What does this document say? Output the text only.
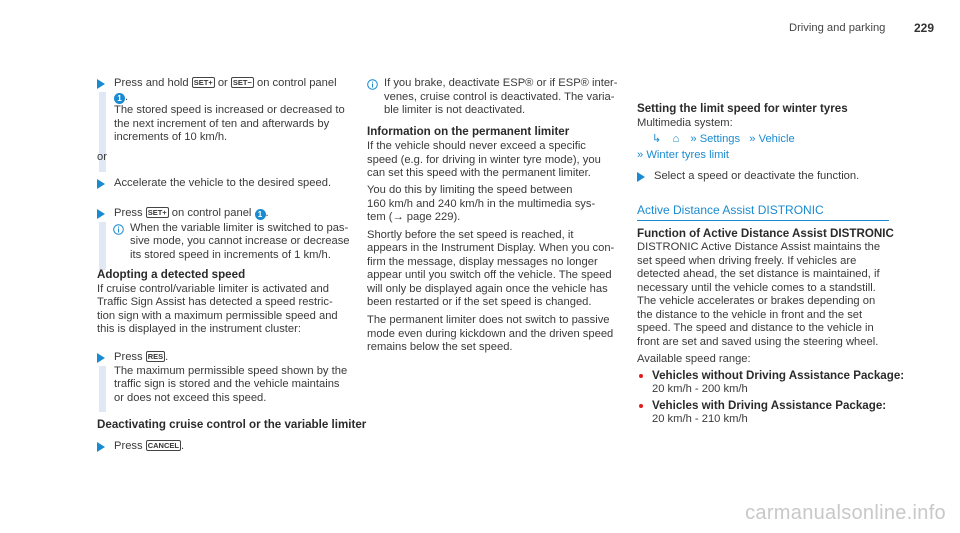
Driving and parking 229

Press and hold SET+ or SET− on control panel

1 .

The stored speed is increased or decreased to

the next increment of ten and afterwards by

increments of 10 km/h.

or

Accelerate the vehicle to the desired speed.

Press SET+ on control panel 1 .

When the variable limiter is switched to pas-

sive mode, you cannot increase or decrease

its stored speed in increments of 1 km/h.

Adopting a detected speed

If cruise control/variable limiter is activated and

Traffic Sign Assist has detected a speed restric-

tion sign with a maximum permissible speed and

this is displayed in the instrument cluster:

Press RES .

The maximum permissible speed shown by the

traffic sign is stored and the vehicle maintains

or does not exceed this speed.

Deactivating cruise control or the variable limiter

Press CANCEL .

If you brake, deactivate ESP® or if ESP® inter-

venes, cruise control is deactivated. The varia-

ble limiter is not deactivated.

Information on the permanent limiter

If the vehicle should never exceed a specific

speed (e.g. for driving in winter tyre mode), you

can set this speed with the permanent limiter.

You do this by limiting the speed between

160 km/h and 240 km/h in the multimedia sys-

tem (→ page 229).

Shortly before the set speed is reached, it

appears in the Instrument Display. When you con-

firm the message, display messages no longer

appear until you switch off the vehicle. The speed

will only be displayed again once the vehicle has

been restarted or if the set speed is changed.

The permanent limiter does not switch to passive

mode even during kickdown and the driven speed

remains below the set speed.

Setting the limit speed for winter tyres

Multimedia system:

↳ ⌂ » Settings » Vehicle

» Winter tyres limit

Select a speed or deactivate the function.

Active Distance Assist DISTRONIC

Function of Active Distance Assist DISTRONIC

DISTRONIC Active Distance Assist maintains the

set speed when driving freely. If vehicles are

detected ahead, the set distance is maintained, if

necessary until the vehicle comes to a standstill.

The vehicle accelerates or brakes depending on

the distance to the vehicle in front and the set

speed. The speed and distance to the vehicle in

front are set and saved using the steering wheel.

Available speed range:

Vehicles without Driving Assistance Package:

20 km/h - 200 km/h

Vehicles with Driving Assistance Package:

20 km/h - 210 km/h

carmanualsonline.info
